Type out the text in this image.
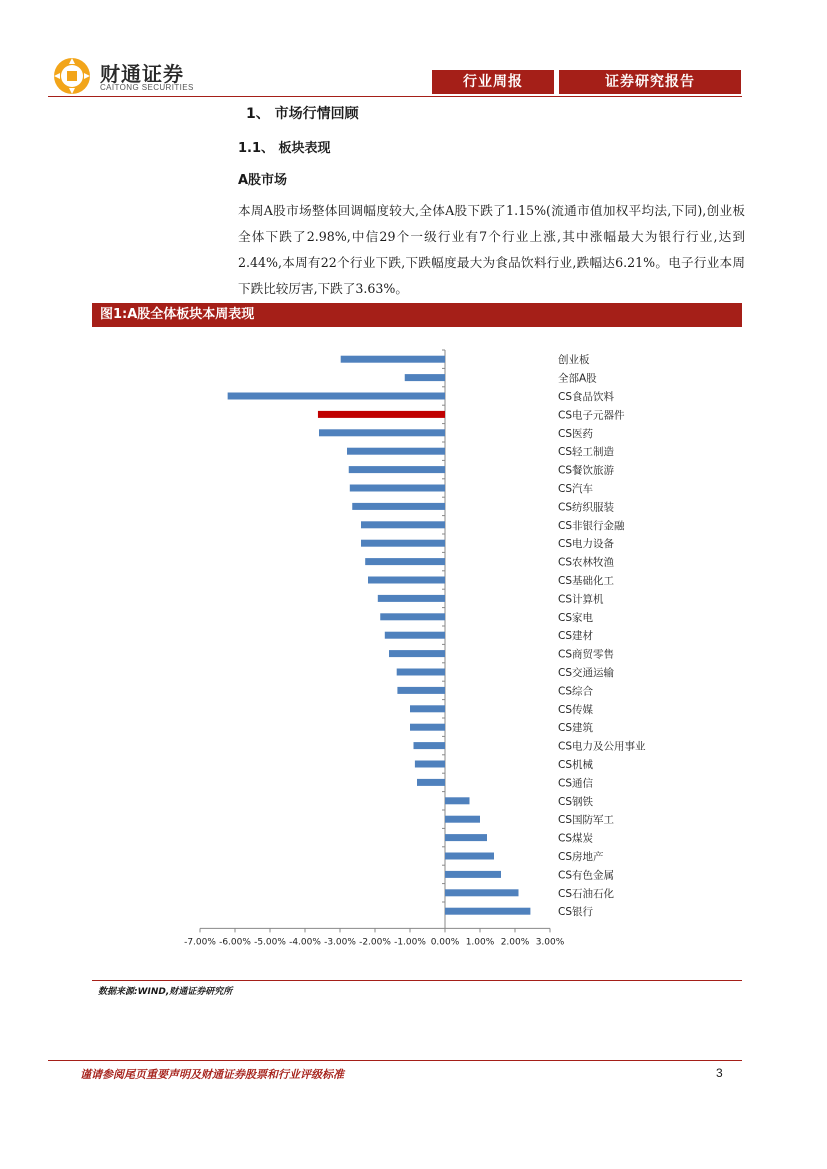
财通证券
CAITONG SECURITIES	行业周报	证券研究报告
1、 市场行情回顾
1.1、 板块表现
A股市场
本周A股市场整体回调幅度较大,全体A股下跌了1.15%(流通市值加权平均法,下同),创业板全体下跌了2.98%,中信29个一级行业有7个行业上涨,其中涨幅最大为银行行业,达到2.44%,本周有22个行业下跌,下跌幅度最大为食品饮料行业,跌幅达6.21%。电子行业本周下跌比较厉害,下跌了3.63%。
图1:A股全体板块本周表现
创业板
全部A股
CS食品饮料
CS电子元器件
CS医药
CS轻工制造
CS餐饮旅游
CS汽车
CS纺织服装
CS非银行金融
CS电力设备
CS农林牧渔
CS基础化工
CS计算机
CS家电
CS建材
CS商贸零售
CS交通运输
CS综合
CS传媒
CS建筑
CS电力及公用事业
CS机械
CS通信
CS钢铁
CS国防军工
CS煤炭
CS房地产
CS有色金属
CS石油石化
CS银行
-7.00% -6.00% -5.00% -4.00% -3.00% -2.00% -1.00% 0.00% 1.00% 2.00% 3.00%
数据来源:WIND,财通证券研究所
谨请参阅尾页重要声明及财通证券股票和行业评级标准	3
